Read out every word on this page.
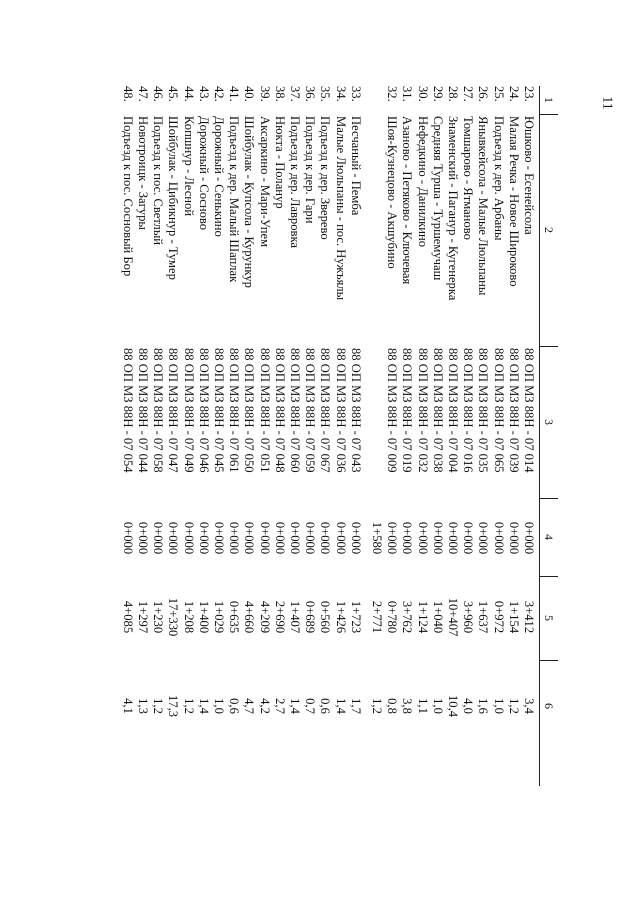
11
1
2
3
4
5
6
23.
Юшково - Есенейсола
88 ОП МЗ 88Н - 07 014
0+000
3+412
3,4
24.
Малая Речка - Новое Широково
88 ОП МЗ 88Н - 07 039
0+000
1+154
1,2
25.
Подъезд к дер. Арбаны
88 ОП МЗ 88Н - 07 065
0+000
0+972
1,0
26.
Янывкейсола - Малые Люльпаны
88 ОП МЗ 88Н - 07 035
0+000
1+637
1,6
27.
Томшарово - Ятманово
88 ОП МЗ 88Н - 07 016
0+000
3+960
4,0
28.
Знаменский - Пагануp - Кугенерка
88 ОП МЗ 88Н - 07 004
0+000
10+407
10,4
29.
Средняя Турша - Туршемучаш
88 ОП МЗ 88Н - 07 038
0+000
1+040
1,0
30.
Нефедкино - Данилкино
88 ОП МЗ 88Н - 07 032
0+000
1+124
1,1
31.
Азаново - Петяково - Ключевая
88 ОП МЗ 88Н - 07 019
0+000
3+762
3,8
32.
Шоя-Кузнецово - Акшубино
88 ОП МЗ 88Н - 07 009
0+000
0+780
0,8
1+580
2+771
1,2
33.
Песчаный - Пемба
88 ОП МЗ 88Н - 07 043
0+000
1+723
1,7
34.
Малые Люльпаны - пос. Нужъялы
88 ОП МЗ 88Н - 07 036
0+000
1+426
1,4
35.
Подъезд к дер. Зверево
88 ОП МЗ 88Н - 07 067
0+000
0+560
0,6
36.
Подъезд к дер. Гари
88 ОП МЗ 88Н - 07 059
0+000
0+689
0,7
37.
Подъезд к дер. Лавровка
88 ОП МЗ 88Н - 07 060
0+000
1+407
1,4
38.
Нюкта - Поланур
88 ОП МЗ 88Н - 07 048
0+000
2+690
2,7
39.
Аксаркино - Мари-Упем
88 ОП МЗ 88Н - 07 051
0+000
4+209
4,2
40.
Шойбулак - Купсола - Курункур
88 ОП МЗ 88Н - 07 050
0+000
4+660
4,7
41.
Подъезд к дер. Малый Шаплак
88 ОП МЗ 88Н - 07 061
0+000
0+635
0,6
42.
Дорожный - Сенькино
88 ОП МЗ 88Н - 07 045
0+000
1+029
1,0
43.
Дорожный - Сосново
88 ОП МЗ 88Н - 07 046
0+000
1+400
1,4
44.
Копшнур - Лесной
88 ОП МЗ 88Н - 07 049
0+000
1+208
1,2
45.
Шойбулак - Цибикнур - Тумер
88 ОП МЗ 88Н - 07 047
0+000
17+330
17,3
46.
Подъезд к пос. Светлый
88 ОП МЗ 88Н - 07 058
0+000
1+230
1,2
47.
Новотроицк - Загуры
88 ОП МЗ 88Н - 07 044
0+000
1+297
1,3
48.
Подъезд к пос. Сосновый Бор
88 ОП МЗ 88Н - 07 054
0+000
4+085
4,1
